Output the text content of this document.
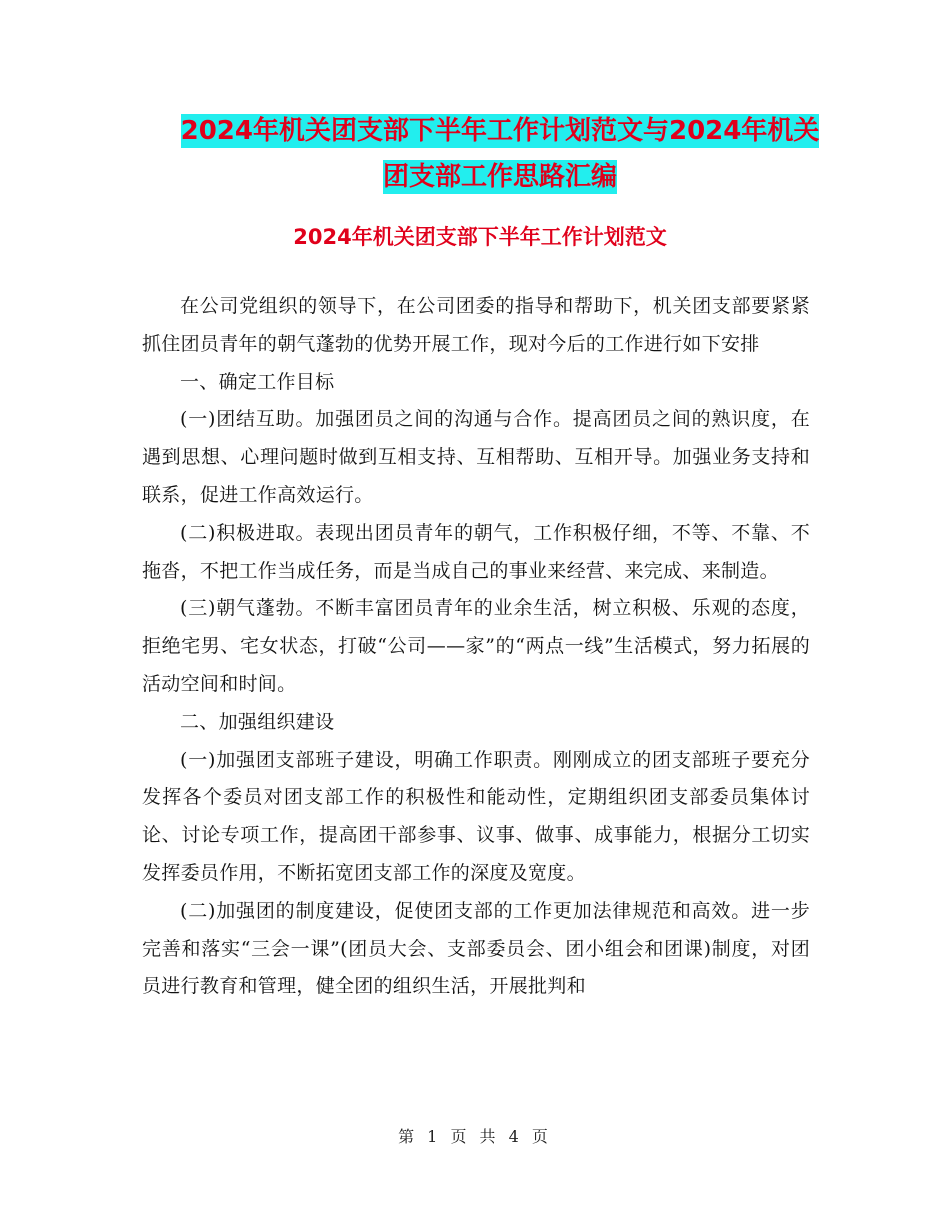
2024年机关团支部下半年工作计划范文与2024年机关
团支部工作思路汇编
2024年机关团支部下半年工作计划范文

在公司党组织的领导下，在公司团委的指导和帮助下，机关团支部要紧紧抓住团员青年的朝气蓬勃的优势开展工作，现对今后的工作进行如下安排

一、确定工作目标

(一)团结互助。加强团员之间的沟通与合作。提高团员之间的熟识度，在遇到思想、心理问题时做到互相支持、互相帮助、互相开导。加强业务支持和联系，促进工作高效运行。

(二)积极进取。表现出团员青年的朝气，工作积极仔细，不等、不靠、不拖沓，不把工作当成任务，而是当成自己的事业来经营、来完成、来制造。

(三)朝气蓬勃。不断丰富团员青年的业余生活，树立积极、乐观的态度，拒绝宅男、宅女状态，打破“公司——家”的“两点一线”生活模式，努力拓展的活动空间和时间。

二、加强组织建设

(一)加强团支部班子建设，明确工作职责。刚刚成立的团支部班子要充分发挥各个委员对团支部工作的积极性和能动性，定期组织团支部委员集体讨论、讨论专项工作，提高团干部参事、议事、做事、成事能力，根据分工切实发挥委员作用，不断拓宽团支部工作的深度及宽度。

(二)加强团的制度建设，促使团支部的工作更加法律规范和高效。进一步完善和落实“三会一课”(团员大会、支部委员会、团小组会和团课)制度，对团员进行教育和管理，健全团的组织生活，开展批判和

第 1 页 共 4 页
